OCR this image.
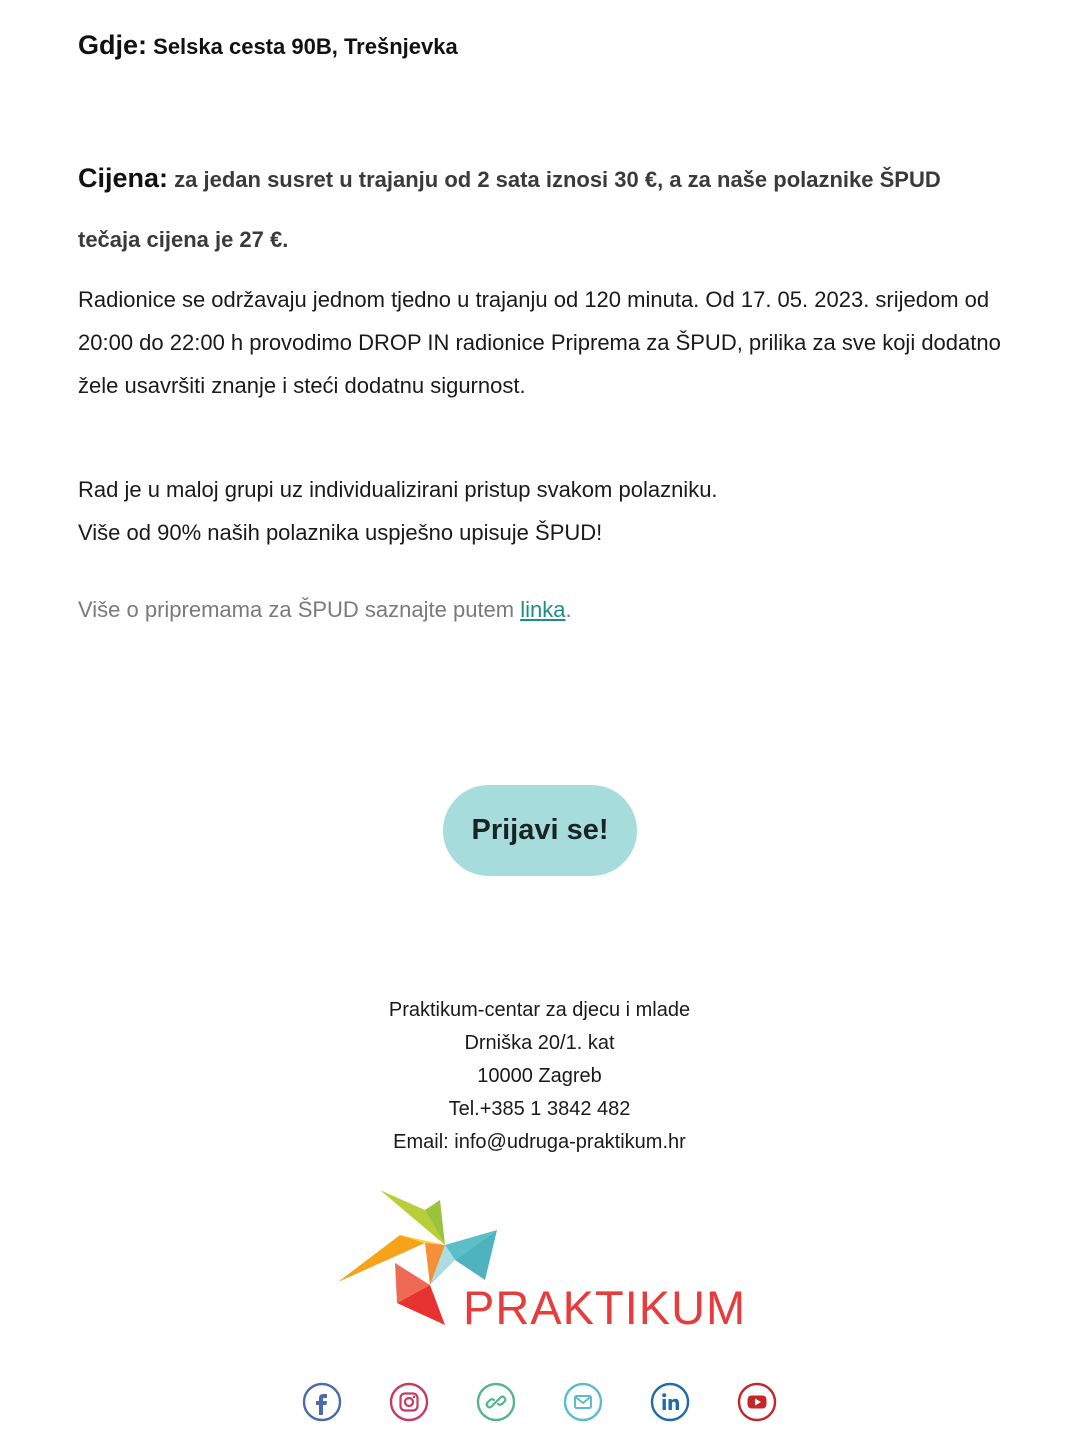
Gdje: Selska cesta 90B, Trešnjevka
Cijena: za jedan susret u trajanju od 2 sata iznosi 30 €, a za naše polaznike ŠPUD tečaja cijena je 27 €.
Radionice se održavaju jednom tjedno u trajanju od 120 minuta. Od 17. 05. 2023. srijedom od 20:00 do 22:00 h provodimo DROP IN radionice Priprema za ŠPUD, prilika za sve koji dodatno žele usavršiti znanje i steći dodatnu sigurnost.
Rad je u maloj grupi uz individualizirani pristup svakom polazniku.
Više od 90% naših polaznika uspješno upisuje ŠPUD!
Više o pripremama za ŠPUD saznajte putem linka.
Prijavi se!
Praktikum-centar za djecu i mlade
Drniška 20/1. kat
10000 Zagreb
Tel.+385 1 3842 482
Email: info@udruga-praktikum.hr
PRAKTIKUM
